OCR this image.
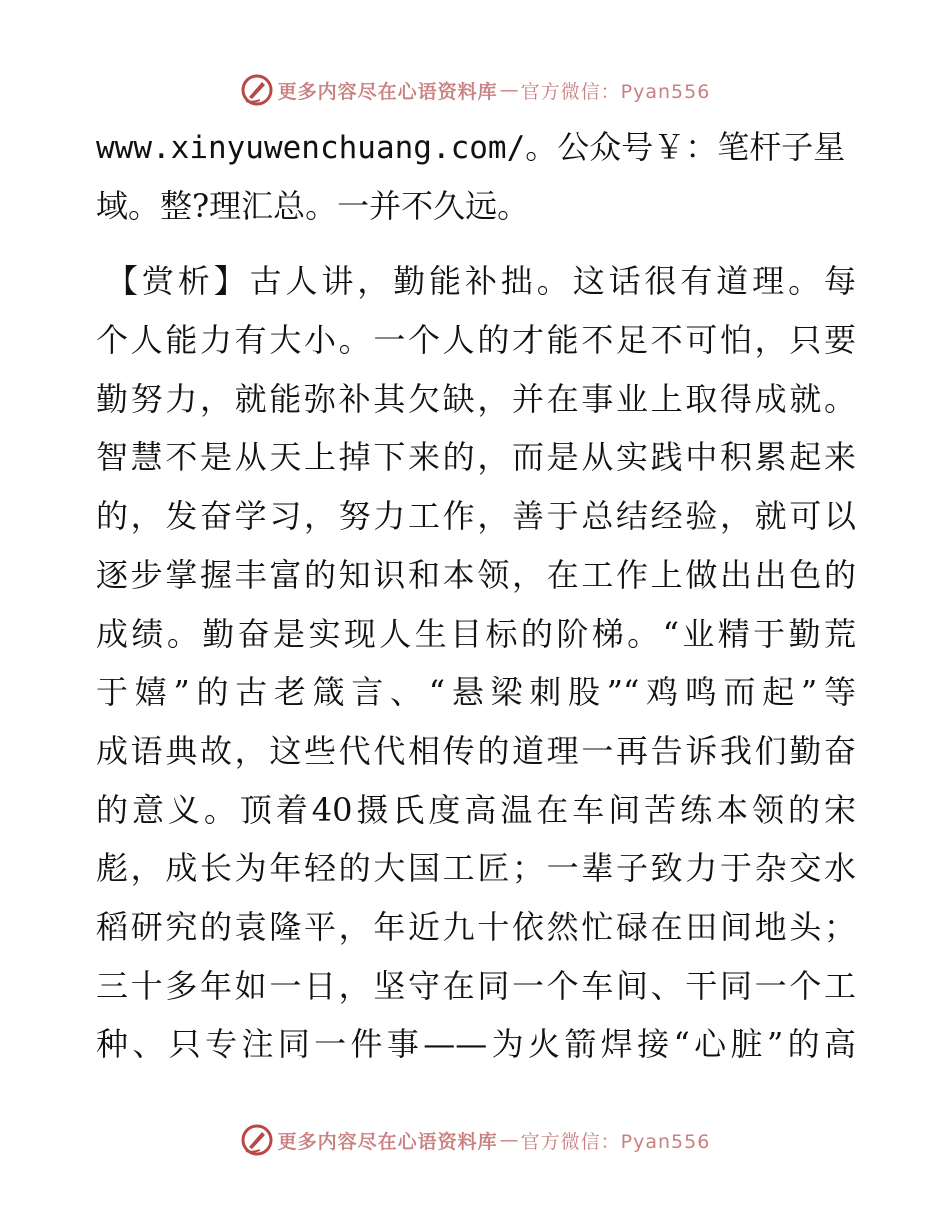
更多内容尽在心语资料库 — 官方微信：Pyan556
www.xinyuwenchuang.com/。公众号￥：笔杆子星
域。整?理汇总。一并不久远。
【赏析】古人讲，勤能补拙。这话很有道理。每
个人能力有大小。一个人的才能不足不可怕，只要
勤努力，就能弥补其欠缺，并在事业上取得成就。
智慧不是从天上掉下来的，而是从实践中积累起来
的，发奋学习，努力工作，善于总结经验，就可以
逐步掌握丰富的知识和本领，在工作上做出出色的
成绩。勤奋是实现人生目标的阶梯。“业精于勤荒
于嬉”的古老箴言、“悬梁刺股”“鸡鸣而起”等
成语典故，这些代代相传的道理一再告诉我们勤奋
的意义。顶着40摄氏度高温在车间苦练本领的宋
彪，成长为年轻的大国工匠；一辈子致力于杂交水
稻研究的袁隆平，年近九十依然忙碌在田间地头；
三十多年如一日，坚守在同一个车间、干同一个工
种、只专注同一件事——为火箭焊接“心脏”的高
更多内容尽在心语资料库 — 官方微信：Pyan556
